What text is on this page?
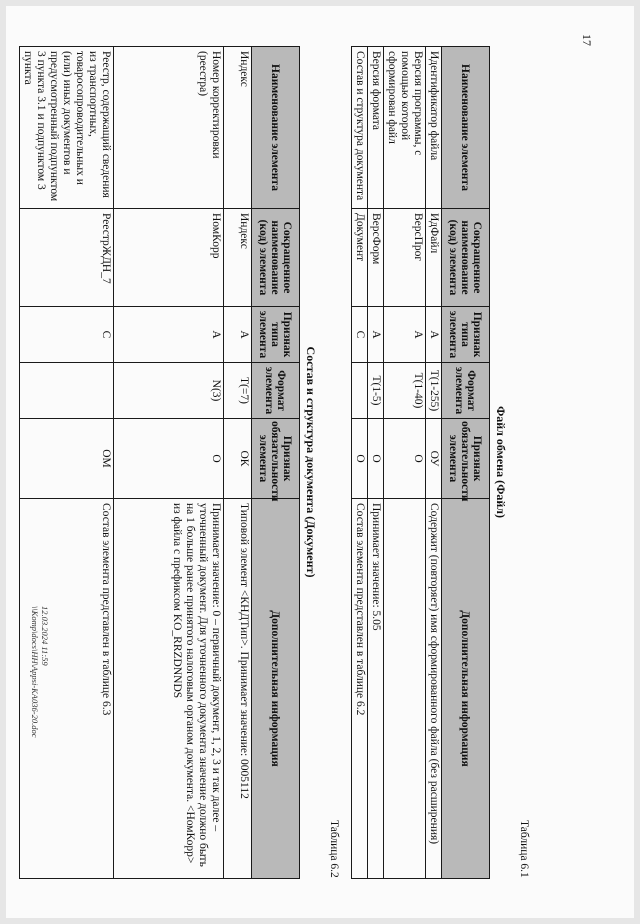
17
Таблица 6.1
Файл обмена (Файл)
Наименование элемента	Сокращенное наименование (код) элемента	Признак типа элемента	Формат элемента	Признак обязательности элемента	Дополнительная информация
Идентификатор файла	ИдФайл	А	Т(1-255)	ОУ	Содержит (повторяет) имя сформированного файла (без расширения)
Версия программы, с помощью которой сформирован файл	ВерсПрог	А	Т(1-40)	О	
Версия формата	ВерсФорм	А	Т(1-5)	О	Принимает значение: 5.05
Состав и структура документа	Документ	С		О	Состав элемента представлен в таблице 6.2
Таблица 6.2
Состав и структура документа (Документ)
Наименование элемента	Сокращенное наименование (код) элемента	Признак типа элемента	Формат элемента	Признак обязательности элемента	Дополнительная информация
Индекс	Индекс	А	Т(=7)	ОК	Типовой элемент <КНДТип>. Принимает значение: 0005112
Номер корректировки (реестра)	НомКорр	А	N(3)	О	Принимает значение: 0 – первичный документ, 1, 2, 3 и так далее – уточненный документ. Для уточненного документа значение должно быть на 1 больше ранее принятого налоговым органом документа. <НомКорр> из файла с префиксом KO_RRZDNNDS
Реестр, содержащий сведения из транспортных, товаросопроводительных и (или) иных документов и предусмотренный подпунктом 3 пункта 3.1 и подпунктом 3 пункта	РеестрЖДН_7	С		ОМ	Состав элемента представлен в таблице 6.3
12.03.2024 11:59
\\Komp\docs\НН\Appsi-КА036-20.doc
